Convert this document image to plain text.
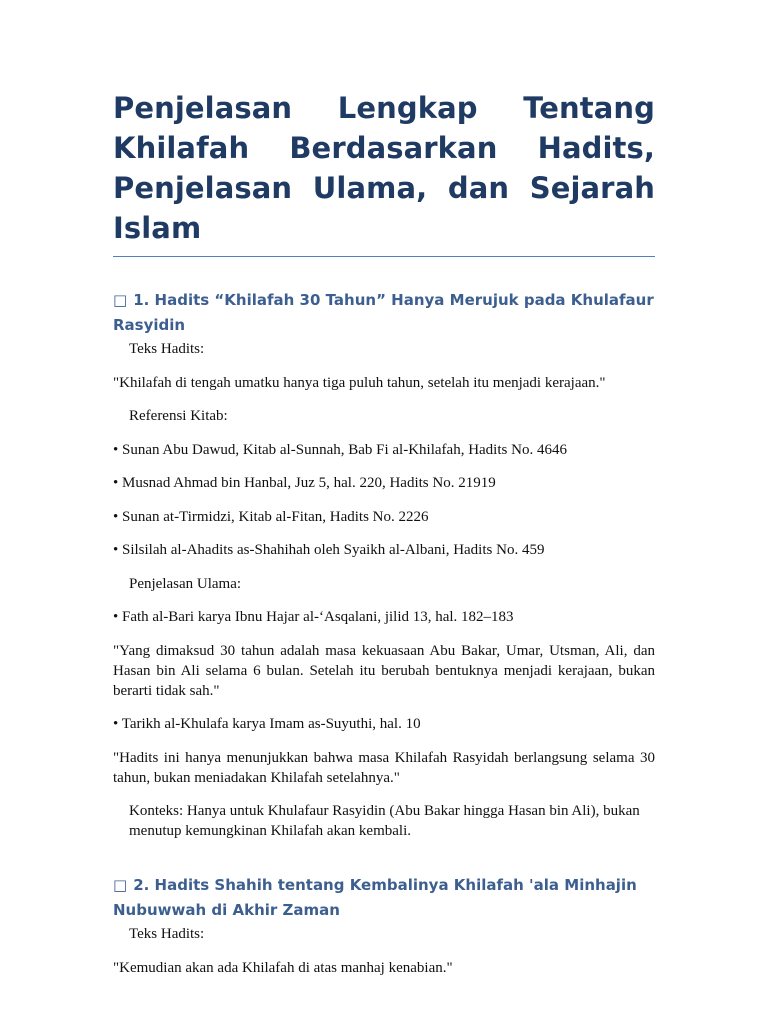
Penjelasan Lengkap Tentang Khilafah Berdasarkan Hadits, Penjelasan Ulama, dan Sejarah Islam
□ 1. Hadits “Khilafah 30 Tahun” Hanya Merujuk pada Khulafaur Rasyidin

Teks Hadits:

"Khilafah di tengah umatku hanya tiga puluh tahun, setelah itu menjadi kerajaan."

Referensi Kitab:

• Sunan Abu Dawud, Kitab al-Sunnah, Bab Fi al-Khilafah, Hadits No. 4646

• Musnad Ahmad bin Hanbal, Juz 5, hal. 220, Hadits No. 21919

• Sunan at-Tirmidzi, Kitab al-Fitan, Hadits No. 2226

• Silsilah al-Ahadits as-Shahihah oleh Syaikh al-Albani, Hadits No. 459

Penjelasan Ulama:

• Fath al-Bari karya Ibnu Hajar al-‘Asqalani, jilid 13, hal. 182–183

"Yang dimaksud 30 tahun adalah masa kekuasaan Abu Bakar, Umar, Utsman, Ali, dan Hasan bin Ali selama 6 bulan. Setelah itu berubah bentuknya menjadi kerajaan, bukan berarti tidak sah."

• Tarikh al-Khulafa karya Imam as-Suyuthi, hal. 10

"Hadits ini hanya menunjukkan bahwa masa Khilafah Rasyidah berlangsung selama 30 tahun, bukan meniadakan Khilafah setelahnya."

Konteks: Hanya untuk Khulafaur Rasyidin (Abu Bakar hingga Hasan bin Ali), bukan menutup kemungkinan Khilafah akan kembali.

□ 2. Hadits Shahih tentang Kembalinya Khilafah 'ala Minhajin Nubuwwah di Akhir Zaman

Teks Hadits:

"Kemudian akan ada Khilafah di atas manhaj kenabian."
